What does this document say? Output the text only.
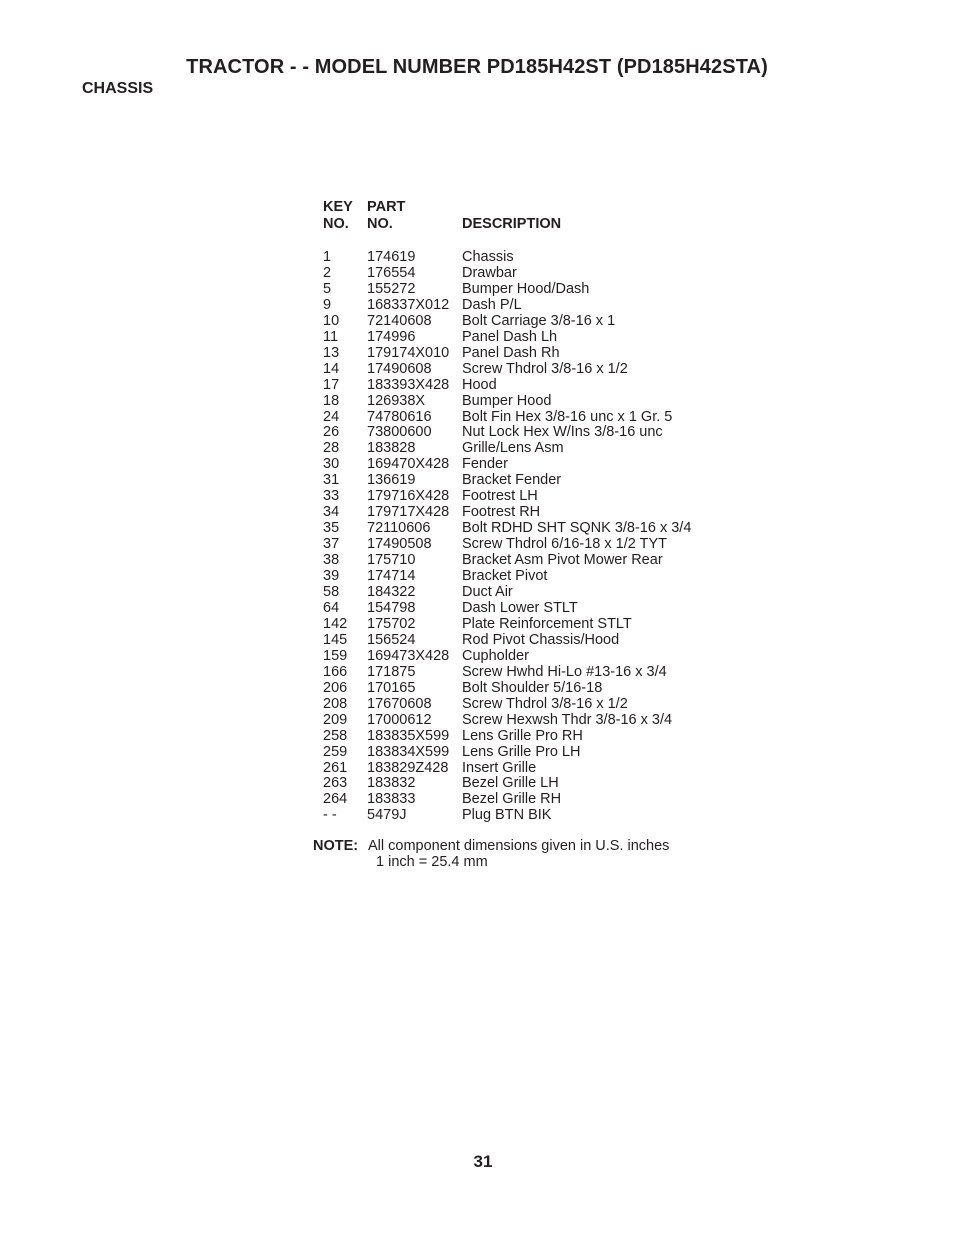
TRACTOR - - MODEL NUMBER PD185H42ST (PD185H42STA)
CHASSIS
KEY
NO.
PART
NO.	DESCRIPTION
1	174619	Chassis
2	176554	Drawbar
5	155272	Bumper Hood/Dash
9	168337X012 Dash P/L
10	72140608	Bolt Carriage 3/8-16 x 1
11	174996	Panel Dash Lh
13	179174X010 Panel Dash Rh
14	17490608	Screw Thdrol 3/8-16 x 1/2
17	183393X428 Hood
18	126938X	Bumper Hood
24	74780616	Bolt Fin Hex 3/8-16 unc x 1 Gr. 5
26	73800600	Nut Lock Hex W/Ins 3/8-16 unc
28	183828	Grille/Lens Asm
30	169470X428 Fender
31	136619	Bracket Fender
33	179716X428 Footrest LH
34	179717X428 Footrest RH
35	72110606	Bolt RDHD SHT SQNK 3/8-16 x 3/4
37	17490508	Screw Thdrol 6/16-18 x 1/2 TYT
38	175710	Bracket Asm Pivot Mower Rear
39	174714	Bracket Pivot
58	184322	Duct Air
64	154798	Dash Lower STLT
142	175702	Plate Reinforcement STLT
145	156524	Rod Pivot Chassis/Hood
159	169473X428 Cupholder
166	171875	Screw Hwhd Hi-Lo #13-16 x 3/4
206	170165	Bolt Shoulder 5/16-18
208	17670608	Screw Thdrol 3/8-16 x 1/2
209	17000612	Screw Hexwsh Thdr 3/8-16 x 3/4
258	183835X599 Lens Grille Pro RH
259	183834X599 Lens Grille Pro LH
261	183829Z428 Insert Grille
263	183832	Bezel Grille LH
264	183833	Bezel Grille RH
- -	5479J	Plug BTN BIK
NOTE: All component dimensions given in U.S. inches
1 inch = 25.4 mm
31
